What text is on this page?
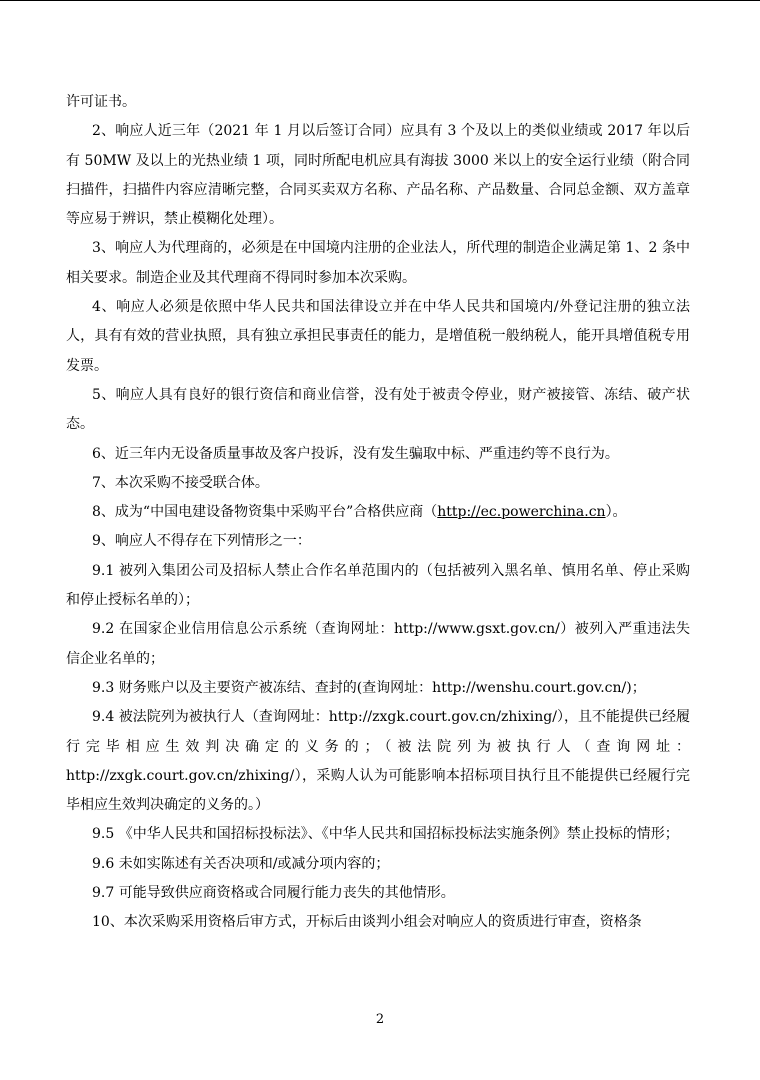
许可证书。

2、响应人近三年（2021 年 1 月以后签订合同）应具有 3 个及以上的类似业绩或 2017 年以后有 50MW 及以上的光热业绩 1 项，同时所配电机应具有海拔 3000 米以上的安全运行业绩（附合同扫描件，扫描件内容应清晰完整，合同买卖双方名称、产品名称、产品数量、合同总金额、双方盖章等应易于辨识，禁止模糊化处理）。

3、响应人为代理商的，必须是在中国境内注册的企业法人，所代理的制造企业满足第 1、2 条中相关要求。制造企业及其代理商不得同时参加本次采购。

4、响应人必须是依照中华人民共和国法律设立并在中华人民共和国境内/外登记注册的独立法人，具有有效的营业执照，具有独立承担民事责任的能力，是增值税一般纳税人，能开具增值税专用发票。

5、响应人具有良好的银行资信和商业信誉，没有处于被责令停业，财产被接管、冻结、破产状态。

6、近三年内无设备质量事故及客户投诉，没有发生骗取中标、严重违约等不良行为。

7、本次采购不接受联合体。

8、成为“中国电建设备物资集中采购平台”合格供应商（http://ec.powerchina.cn）。

9、响应人不得存在下列情形之一：

9.1 被列入集团公司及招标人禁止合作名单范围内的（包括被列入黑名单、慎用名单、停止采购和停止授标名单的）；

9.2 在国家企业信用信息公示系统（查询网址：http://www.gsxt.gov.cn/）被列入严重违法失信企业名单的；

9.3 财务账户以及主要资产被冻结、查封的(查询网址：http://wenshu.court.gov.cn/)；

9.4 被法院列为被执行人（查询网址：http://zxgk.court.gov.cn/zhixing/），且不能提供已经履行完毕相应生效判决确定的义务的；（被法院列为被执行人（查询网址：http://zxgk.court.gov.cn/zhixing/），采购人认为可能影响本招标项目执行且不能提供已经履行完毕相应生效判决确定的义务的。）

9.5 《中华人民共和国招标投标法》、《中华人民共和国招标投标法实施条例》禁止投标的情形；

9.6 未如实陈述有关否决项和/或减分项内容的；

9.7 可能导致供应商资格或合同履行能力丧失的其他情形。

10、本次采购采用资格后审方式，开标后由谈判小组会对响应人的资质进行审查，资格条

2
